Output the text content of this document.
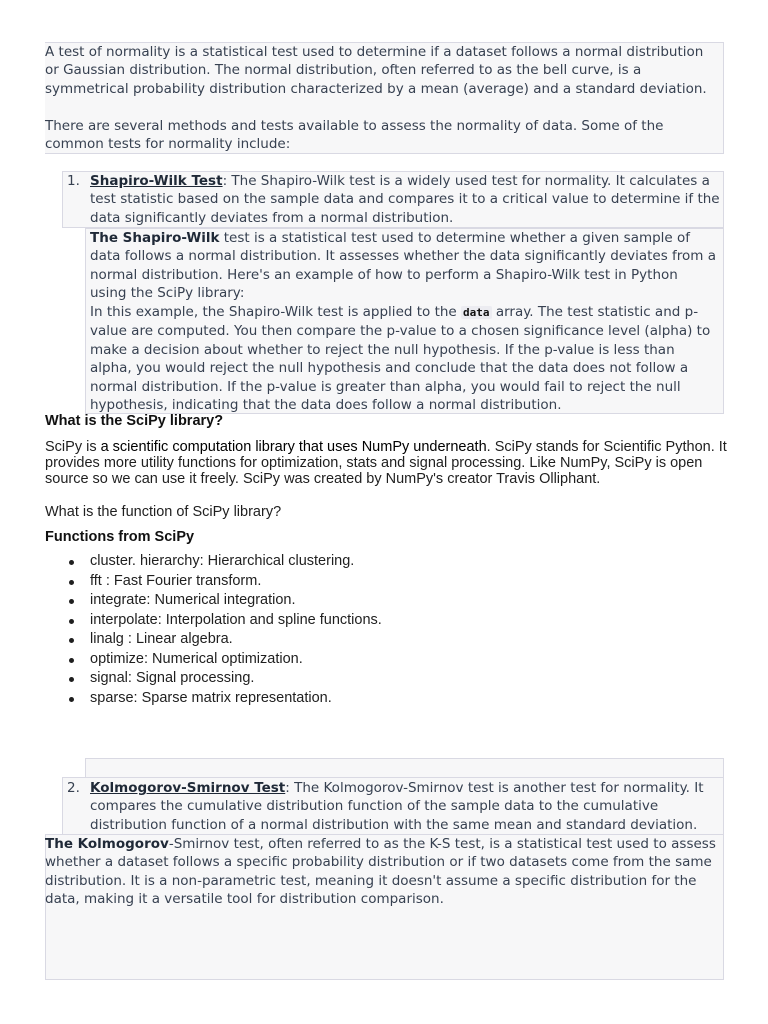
A test of normality is a statistical test used to determine if a dataset follows a normal distribution or Gaussian distribution. The normal distribution, often referred to as the bell curve, is a symmetrical probability distribution characterized by a mean (average) and a standard deviation.

There are several methods and tests available to assess the normality of data. Some of the common tests for normality include:

1. Shapiro-Wilk Test: The Shapiro-Wilk test is a widely used test for normality. It calculates a test statistic based on the sample data and compares it to a critical value to determine if the data significantly deviates from a normal distribution.

The Shapiro-Wilk test is a statistical test used to determine whether a given sample of data follows a normal distribution. It assesses whether the data significantly deviates from a normal distribution. Here's an example of how to perform a Shapiro-Wilk test in Python using the SciPy library:

In this example, the Shapiro-Wilk test is applied to the data array. The test statistic and p-value are computed. You then compare the p-value to a chosen significance level (alpha) to make a decision about whether to reject the null hypothesis. If the p-value is less than alpha, you would reject the null hypothesis and conclude that the data does not follow a normal distribution. If the p-value is greater than alpha, you would fail to reject the null hypothesis, indicating that the data does follow a normal distribution.

What is the SciPy library?

SciPy is a scientific computation library that uses NumPy underneath. SciPy stands for Scientific Python. It provides more utility functions for optimization, stats and signal processing. Like NumPy, SciPy is open source so we can use it freely. SciPy was created by NumPy's creator Travis Olliphant.

What is the function of SciPy library?
Functions from SciPy
cluster. hierarchy: Hierarchical clustering.
fft : Fast Fourier transform.
integrate: Numerical integration.
interpolate: Interpolation and spline functions.
linalg : Linear algebra.
optimize: Numerical optimization.
signal: Signal processing.
sparse: Sparse matrix representation.
2. Kolmogorov-Smirnov Test: The Kolmogorov-Smirnov test is another test for normality. It compares the cumulative distribution function of the sample data to the cumulative distribution function of a normal distribution with the same mean and standard deviation.

The Kolmogorov-Smirnov test, often referred to as the K-S test, is a statistical test used to assess whether a dataset follows a specific probability distribution or if two datasets come from the same distribution. It is a non-parametric test, meaning it doesn't assume a specific distribution for the data, making it a versatile tool for distribution comparison.
